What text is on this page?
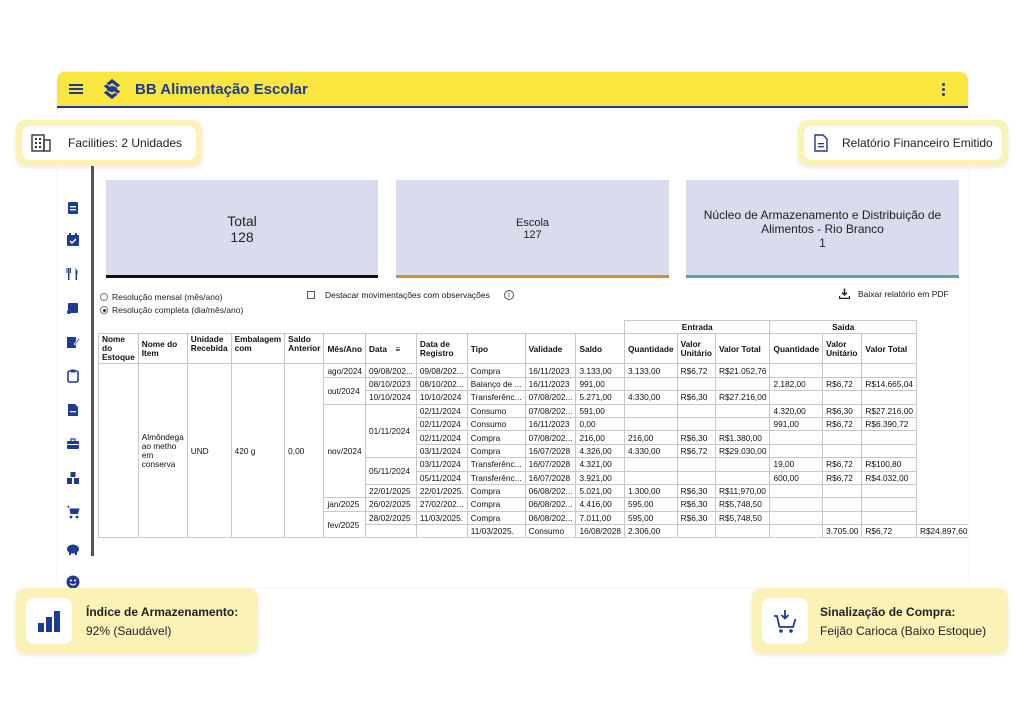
BB Alimentação Escolar
Total
128
Escola
127
Núcleo de Armazenamento e Distribuição de Alimentos - Rio Branco
1
Resolução mensal (mês/ano)
Resolução completa (dia/mês/ano)
Destacar movimentações com observações	i	Baixar relatório em PDF
											Entrada			Saída			
Nome do Estoque	Nome do Item	Unidade Recebida	Embalagem com	Saldo Anterior	Mês/Ano	Data ≡	Data de Registro	Tipo	Validade	Saldo	Quantidade	Valor Unitário	Valor Total	Quantidade	Valor Unitário	Valor Total	
	Almôndega ao metho em conserva	UND	420 g	0,00	ago/2024	09/08/202...	09/08/202...	Compra	16/11/2023	3.133,00	3.133,00	R$6,72	R$21.052,76				
					out/2024	08/10/2023	08/10/202...	Balanço de ...	16/11/2023	991,00				2.182,00	R$6,72	R$14.665,04	
						10/10/2024	10/10/2024	Transferênc...	07/08/202...	5.271,00	4.330,00	R$6,30	R$27.216,00				
					nov/2024	01/11/2024	02/11/2024	Consumo	07/08/202...	591,00				4.320,00	R$6,30	R$27.216,00	
							02/11/2024	Consumo	16/11/2023	0,00				991,00	R$6,72	R$6.390,72	
							02/11/2024	Compra	07/08/202...	216,00	216,00	R$6,30	R$1.380,00				
							03/11/2024	Compra	16/07/2028	4.326,00	4.330,00	R$6,72	R$29.030,00				
						05/11/2024	03/11/2024	Transferênc...	16/07/2028	4.321,00				19,00	R$6,72	R$100,80	
							05/11/2024	Transferênc...	16/07/2028	3.921,00				600,00	R$6,72	R$4.032,00	
						22/01/2025	22/01/2025.	Compra	06/08/202...	5.021,00	1.300,00	R$6,30	R$11,970,00				
					jan/2025	26/02/2025	27/02/202...	Compra	06/08/202...	4.416,00	595,00	R$6,30	R$5,748,50				
					fev/2025	28/02/2025	11/03/2025.	Compra	06/08/202...	7.011,00	595,00	R$6,30	R$5,748,50				
								11/03/2025.	Consumo	16/08/2028	2.306,00				3.705,00	R$6,72	R$24.897,60
Facilities: 2 Unidades	Relatório Financeiro Emitido
Índice de Armazenamento:
92% (Saudável)
Sinalização de Compra:
Feijão Carioca (Baixo Estoque)
